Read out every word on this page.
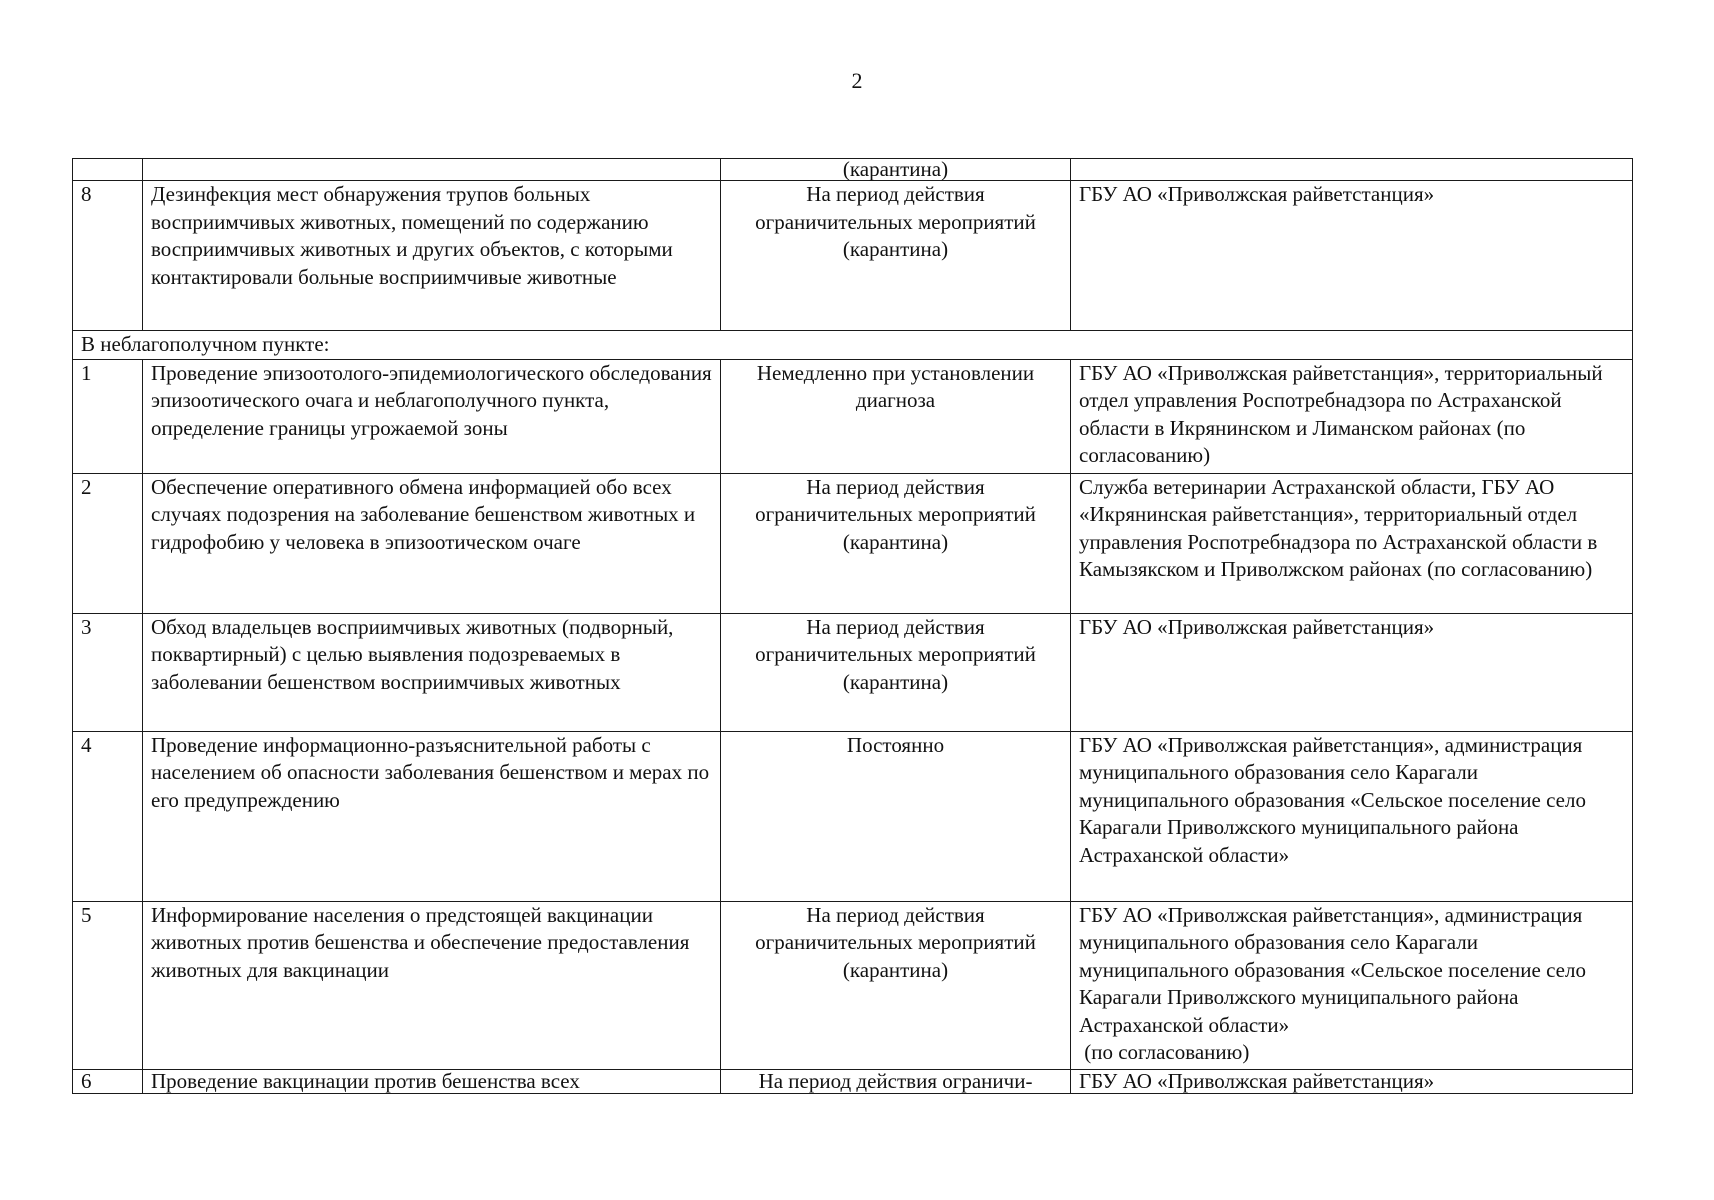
2
		(карантина)	
8	Дезинфекция мест обнаружения трупов больных восприимчивых животных, помещений по содержанию восприимчивых животных и других объектов, с которыми контактировали больные восприимчивые животные	На период действия ограничительных мероприятий (карантина)	ГБУ АО «Приволжская райветстанция»
В неблагополучном пункте:			
1	Проведение эпизоотолого-эпидемиологического обследования эпизоотического очага и неблагополучного пункта, определение границы угрожаемой зоны	Немедленно при установлении диагноза	ГБУ АО «Приволжская райветстанция», территориальный отдел управления Роспотребнадзора по Астраханской области в Икрянинском и Лиманском районах (по согласованию)
2	Обеспечение оперативного обмена информацией обо всех случаях подозрения на заболевание бешенством животных и гидрофобию у человека в эпизоотическом очаге	На период действия ограничительных мероприятий (карантина)	Служба ветеринарии Астраханской области, ГБУ АО «Икрянинская райветстанция», территориальный отдел управления Роспотребнадзора по Астраханской области в Камызякском и Приволжском районах (по согласованию)
3	Обход владельцев восприимчивых животных (подворный, поквартирный) с целью выявления подозреваемых в заболевании бешенством восприимчивых животных	На период действия ограничительных мероприятий (карантина)	ГБУ АО «Приволжская райветстанция»
4	Проведение информационно-разъяснительной работы с населением об опасности заболевания бешенством и мерах по его предупреждению	Постоянно	ГБУ АО «Приволжская райветстанция», администрация муниципального образования село Карагали муниципального образования «Сельское поселение село Карагали Приволжского муниципального района Астраханской области»
5	Информирование населения о предстоящей вакцинации животных против бешенства и обеспечение предоставления животных для вакцинации	На период действия ограничительных мероприятий (карантина)	ГБУ АО «Приволжская райветстанция», администрация муниципального образования село Карагали муниципального образования «Сельское поселение село Карагали Приволжского муниципального района Астраханской области»
(по согласованию)

6	Проведение вакцинации против бешенства всех	На период действия ограничи-	ГБУ АО «Приволжская райветстанция»
